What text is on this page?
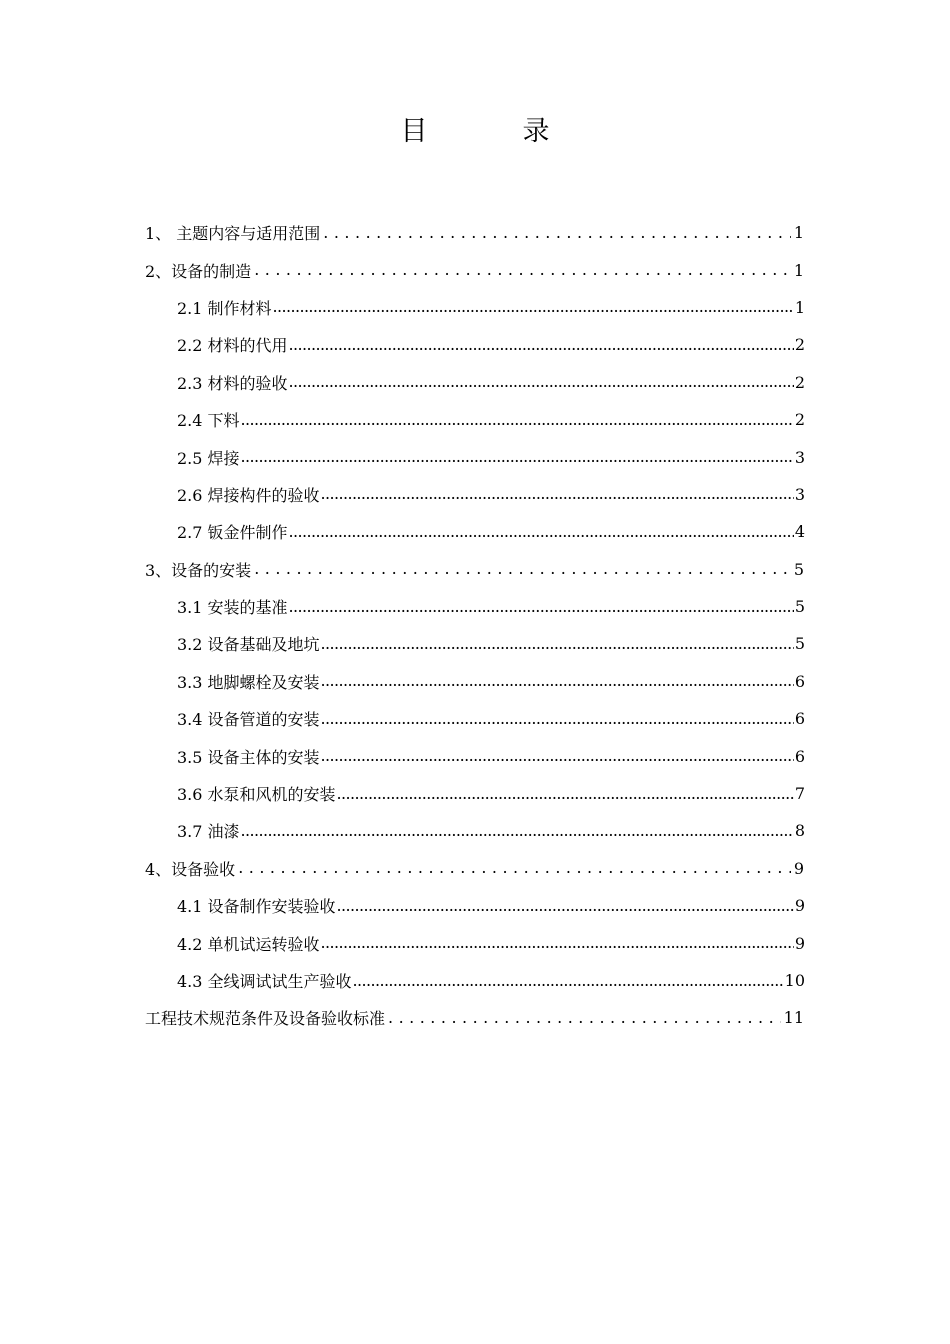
目　录
1、 主题内容与适用范围 . . .	1
2、设备的制造 . . .	1
2.1 制作材料 .....	1
2.2 材料的代用 .....	2
2.3 材料的验收 .....	2
2.4 下料 .....	2
2.5 焊接 .....	3
2.6 焊接构件的验收 .....	3
2.7 钣金件制作 .....	4
3、设备的安装 . . .	5
3.1 安装的基准 .....	5
3.2 设备基础及地坑 .....	5
3.3 地脚螺栓及安装 .....	6
3.4 设备管道的安装 .....	6
3.5 设备主体的安装 .....	6
3.6 水泵和风机的安装 .....	7
3.7 油漆 .....	8
4、设备验收 . . .	9
4.1 设备制作安装验收 .....	9
4.2 单机试运转验收 .....	9
4.3 全线调试试生产验收 .....	10
工程技术规范条件及设备验收标准 . . .	11
